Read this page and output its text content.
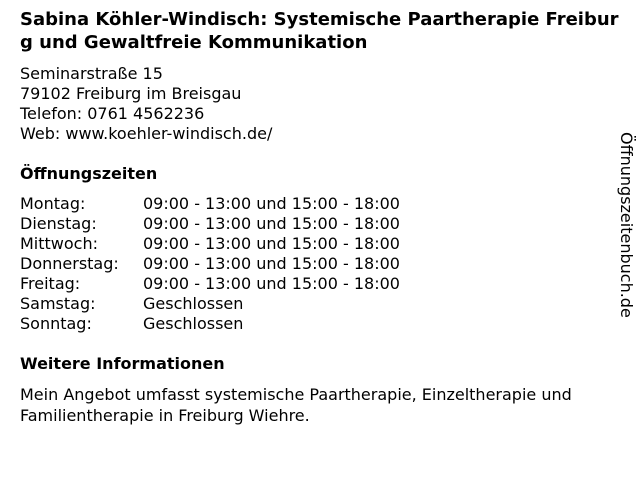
Sabina Köhler-Windisch: Systemische Paartherapie Freiburg und Gewaltfreie Kommunikation
Seminarstraße 15
79102 Freiburg im Breisgau
Telefon: 0761 4562236
Web: www.koehler-windisch.de/
Öffnungszeiten
Montag:	09:00 - 13:00 und 15:00 - 18:00
Dienstag:	09:00 - 13:00 und 15:00 - 18:00
Mittwoch:	09:00 - 13:00 und 15:00 - 18:00
Donnerstag: 09:00 - 13:00 und 15:00 - 18:00
Freitag:	09:00 - 13:00 und 15:00 - 18:00
Samstag:	Geschlossen
Sonntag:	Geschlossen
Weitere Informationen

Mein Angebot umfasst systemische Paartherapie, Einzeltherapie und Familientherapie in Freiburg Wiehre.

Öffnungszeitenbuch.de
